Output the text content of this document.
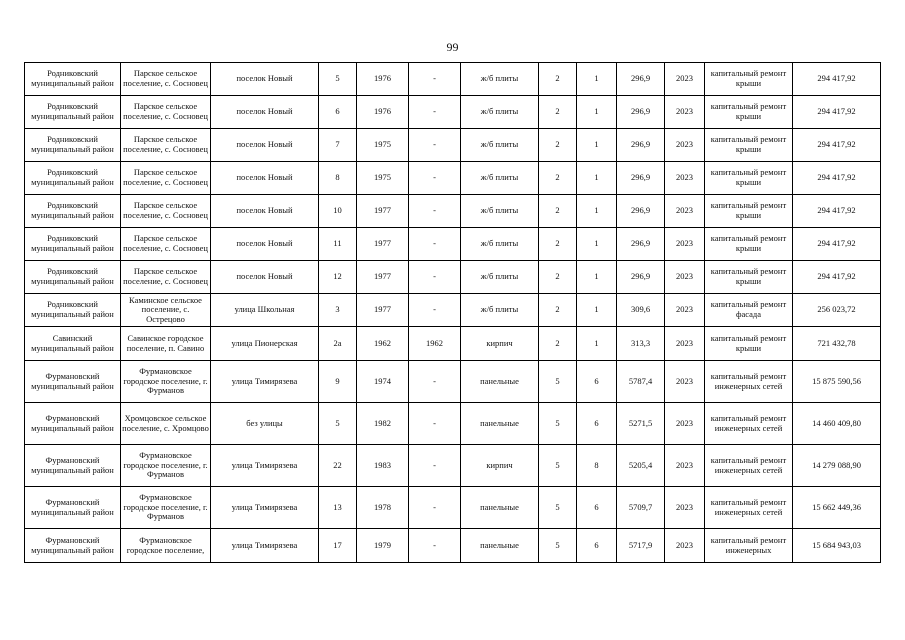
99
Родниковский муниципальный район	Парское сельское поселение, с. Сосновец	поселок Новый	5	1976	-	ж/б плиты	2	1	296,9	2023	капитальный ремонт крыши	294 417,92
Родниковский муниципальный район	Парское сельское поселение, с. Сосновец	поселок Новый	6	1976	-	ж/б плиты	2	1	296,9	2023	капитальный ремонт крыши	294 417,92
Родниковский муниципальный район	Парское сельское поселение, с. Сосновец	поселок Новый	7	1975	-	ж/б плиты	2	1	296,9	2023	капитальный ремонт крыши	294 417,92
Родниковский муниципальный район	Парское сельское поселение, с. Сосновец	поселок Новый	8	1975	-	ж/б плиты	2	1	296,9	2023	капитальный ремонт крыши	294 417,92
Родниковский муниципальный район	Парское сельское поселение, с. Сосновец	поселок Новый	10	1977	-	ж/б плиты	2	1	296,9	2023	капитальный ремонт крыши	294 417,92
Родниковский муниципальный район	Парское сельское поселение, с. Сосновец	поселок Новый	11	1977	-	ж/б плиты	2	1	296,9	2023	капитальный ремонт крыши	294 417,92
Родниковский муниципальный район	Парское сельское поселение, с. Сосновец	поселок Новый	12	1977	-	ж/б плиты	2	1	296,9	2023	капитальный ремонт крыши	294 417,92
Родниковский муниципальный район	Каминское сельское поселение, с. Острецово	улица Школьная	3	1977	-	ж/б плиты	2	1	309,6	2023	капитальный ремонт фасада	256 023,72
Савинский муниципальный район	Савинское городское поселение, п. Савино	улица Пионерская	2а	1962	1962	кирпич	2	1	313,3	2023	капитальный ремонт крыши	721 432,78
Фурмановский муниципальный район	Фурмановское городское поселение, г. Фурманов	улица Тимирязева	9	1974	-	панельные	5	6	5787,4	2023	капитальный ремонт инженерных сетей	15 875 590,56
Фурмановский муниципальный район	Хромцовское сельское поселение, с. Хромцово	без улицы	5	1982	-	панельные	5	6	5271,5	2023	капитальный ремонт инженерных сетей	14 460 409,80
Фурмановский муниципальный район	Фурмановское городское поселение, г. Фурманов	улица Тимирязева	22	1983	-	кирпич	5	8	5205,4	2023	капитальный ремонт инженерных сетей	14 279 088,90
Фурмановский муниципальный район	Фурмановское городское поселение, г. Фурманов	улица Тимирязева	13	1978	-	панельные	5	6	5709,7	2023	капитальный ремонт инженерных сетей	15 662 449,36
Фурмановский муниципальный район	Фурмановское городское поселение,	улица Тимирязева	17	1979	-	панельные	5	6	5717,9	2023	капитальный ремонт инженерных	15 684 943,03
